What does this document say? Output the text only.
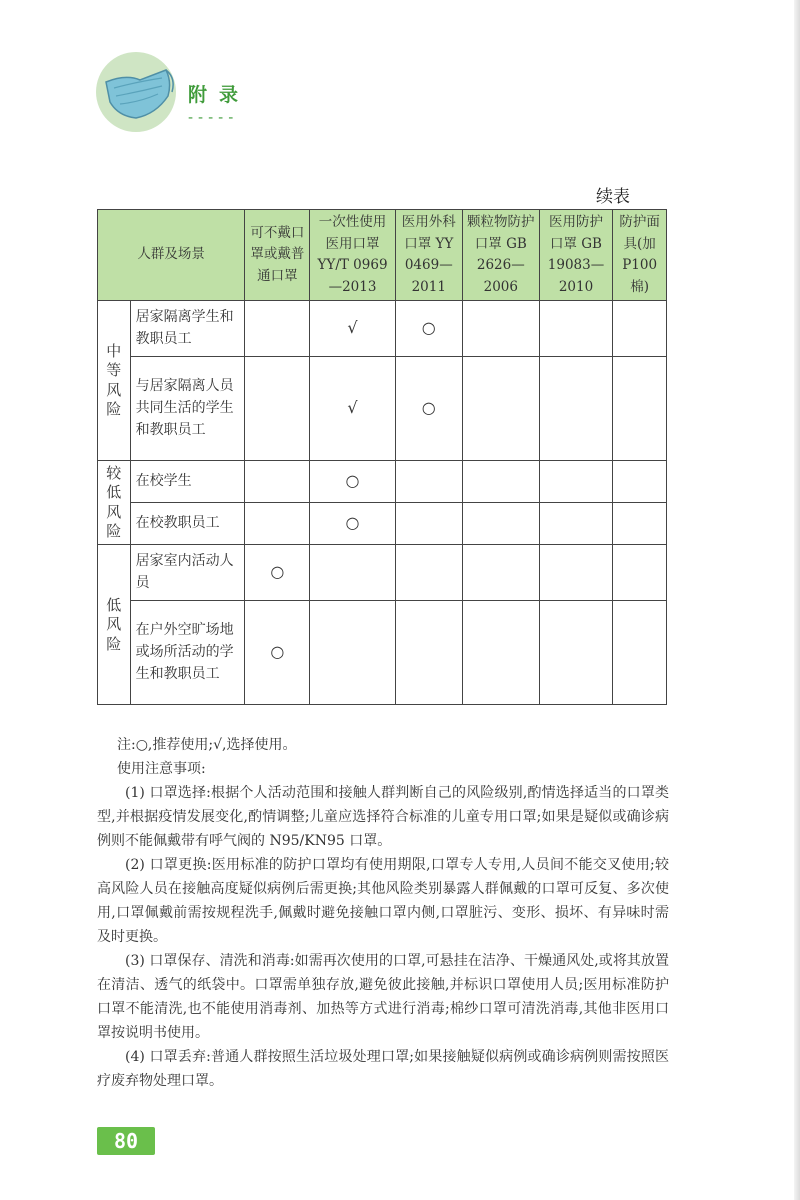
附录
-----
续表
人群及场景		可不戴口罩或戴普通口罩	一次性使用医用口罩 YY/T 0969—2013	医用外科口罩 YY 0469—2011	颗粒物防护口罩 GB 2626—2006	医用防护口罩 GB 19083—2010	防护面具(加P100棉)

中
等
风
险	居家隔离学生和教职员工		√	○			
	与居家隔离人员共同生活的学生和教职员工		√	○			

较
低
风
险	在校学生		○				
	在校教职员工		○				

低
风
险	居家室内活动人员	○					
	在户外空旷场地或场所活动的学生和教职员工	○					

注:○,推荐使用;√,选择使用。

使用注意事项:

(1) 口罩选择:根据个人活动范围和接触人群判断自己的风险级别,酌情选择适当的口罩类型,并根据疫情发展变化,酌情调整;儿童应选择符合标准的儿童专用口罩;如果是疑似或确诊病例则不能佩戴带有呼气阀的 N95/KN95 口罩。

(2) 口罩更换:医用标准的防护口罩均有使用期限,口罩专人专用,人员间不能交叉使用;较高风险人员在接触高度疑似病例后需更换;其他风险类别暴露人群佩戴的口罩可反复、多次使用,口罩佩戴前需按规程洗手,佩戴时避免接触口罩内侧,口罩脏污、变形、损坏、有异味时需及时更换。

(3) 口罩保存、清洗和消毒:如需再次使用的口罩,可悬挂在洁净、干燥通风处,或将其放置在清洁、透气的纸袋中。口罩需单独存放,避免彼此接触,并标识口罩使用人员;医用标准防护口罩不能清洗,也不能使用消毒剂、加热等方式进行消毒;棉纱口罩可清洗消毒,其他非医用口罩按说明书使用。

(4) 口罩丢弃:普通人群按照生活垃圾处理口罩;如果接触疑似病例或确诊病例则需按照医疗废弃物处理口罩。

80
